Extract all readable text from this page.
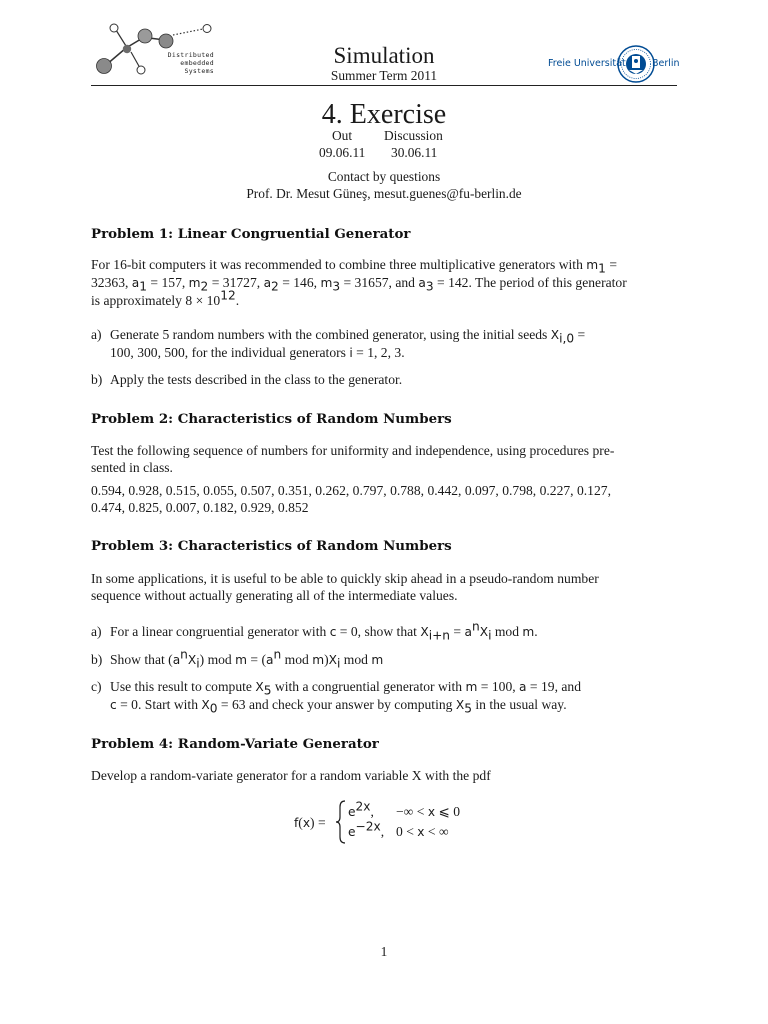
D
e S
Distributed
embedded
Systems
Simulation
Summer Term 2011
Freie Universität	Berlin
4. Exercise
Out Discussion
09.06.11 30.06.11
Contact by questions
Prof. Dr. Mesut Güneş, mesut.guenes@fu-berlin.de
Problem 1: Linear Congruential Generator
For 16-bit computers it was recommended to combine three multiplicative generators with $m_1$ =
32363, $a_1 = 157$, $m_2 = 31727$, $a_2 = 146$, $m_3 = 31657$, and $a_3 = 142$. The period of this generator
is approximately $8 \times 10^{12}$.
a) Generate 5 random numbers with the combined generator, using the initial seeds $X_{i,0}$ =
100, 300, 500, for the individual generators i = 1, 2, 3.
b) Apply the tests described in the class to the generator.
Problem 2: Characteristics of Random Numbers
Test the following sequence of numbers for uniformity and independence, using procedures pre-
sented in class.
0.594, 0.928, 0.515, 0.055, 0.507, 0.351, 0.262, 0.797, 0.788, 0.442, 0.097, 0.798, 0.227, 0.127,
0.474, 0.825, 0.007, 0.182, 0.929, 0.852
Problem 3: Characteristics of Random Numbers
In some applications, it is useful to be able to quickly skip ahead in a pseudo-random number
sequence without actually generating all of the intermediate values.
a) For a linear congruential generator with c = 0, show that $X_{i+n} = a^nX_i$ mod m.
b) Show that $(a^nX_i)$ mod $m = (a^n$ mod $m)X_i$ mod m
c) Use this result to compute $X_5$ with a congruential generator with m = 100, a = 19, and
c = 0. Start with $X_0 = 63$ and check your answer by computing $X_5$ in the usual way.
Problem 4: Random-Variate Generator
Develop a random-variate generator for a random variable X with the pdf
f(x) =
$e^{2x}$, −∞ < x ⩽ 0
$e^{-2x}$, 0 < x < ∞
1
